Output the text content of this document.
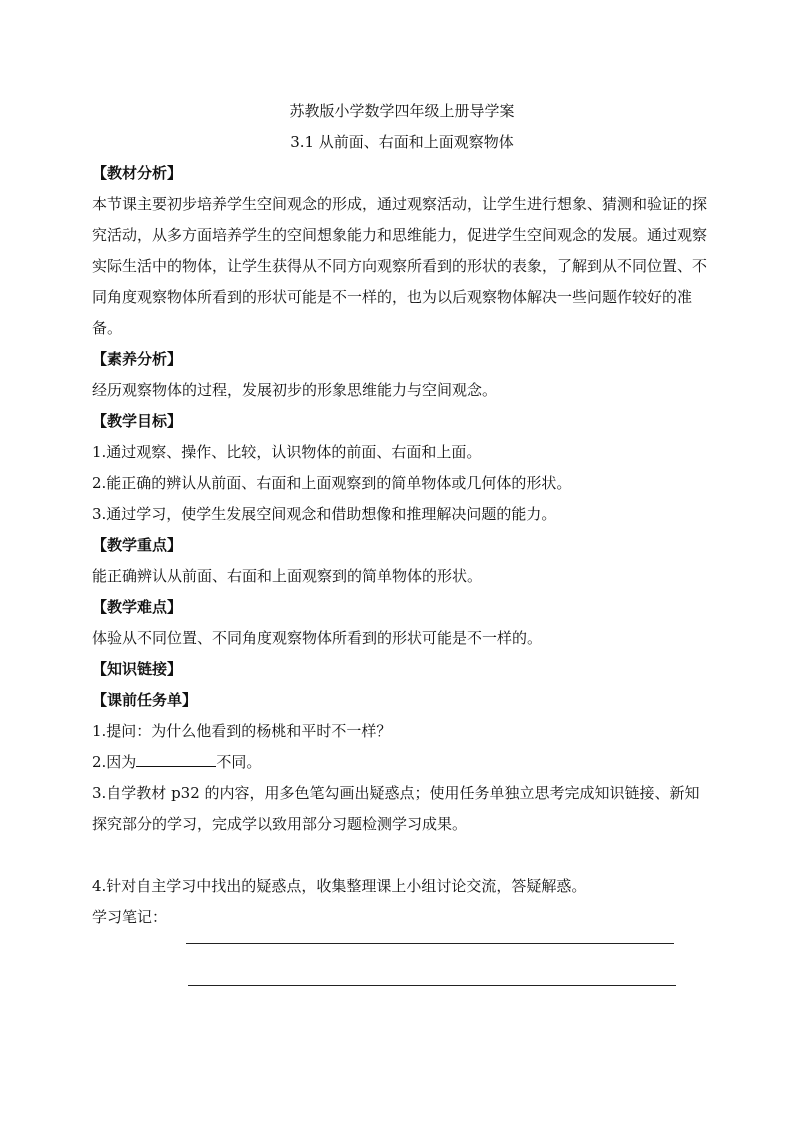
苏教版小学数学四年级上册导学案

3.1 从前面、右面和上面观察物体

【教材分析】

本节课主要初步培养学生空间观念的形成，通过观察活动，让学生进行想象、猜测和验证的探究活动，从多方面培养学生的空间想象能力和思维能力，促进学生空间观念的发展。通过观察实际生活中的物体，让学生获得从不同方向观察所看到的形状的表象，了解到从不同位置、不同角度观察物体所看到的形状可能是不一样的，也为以后观察物体解决一些问题作较好的准备。

【素养分析】

经历观察物体的过程，发展初步的形象思维能力与空间观念。

【教学目标】

1.通过观察、操作、比较，认识物体的前面、右面和上面。

2.能正确的辨认从前面、右面和上面观察到的简单物体或几何体的形状。

3.通过学习，使学生发展空间观念和借助想像和推理解决问题的能力。

【教学重点】

能正确辨认从前面、右面和上面观察到的简单物体的形状。

【教学难点】

体验从不同位置、不同角度观察物体所看到的形状可能是不一样的。

【知识链接】

【课前任务单】

1.提问：为什么他看到的杨桃和平时不一样？

2.因为	不同。

3.自学教材 p32 的内容，用多色笔勾画出疑惑点；使用任务单独立思考完成知识链接、新知探究部分的学习，完成学以致用部分习题检测学习成果。

4.针对自主学习中找出的疑惑点，收集整理课上小组讨论交流，答疑解惑。

学习笔记：
